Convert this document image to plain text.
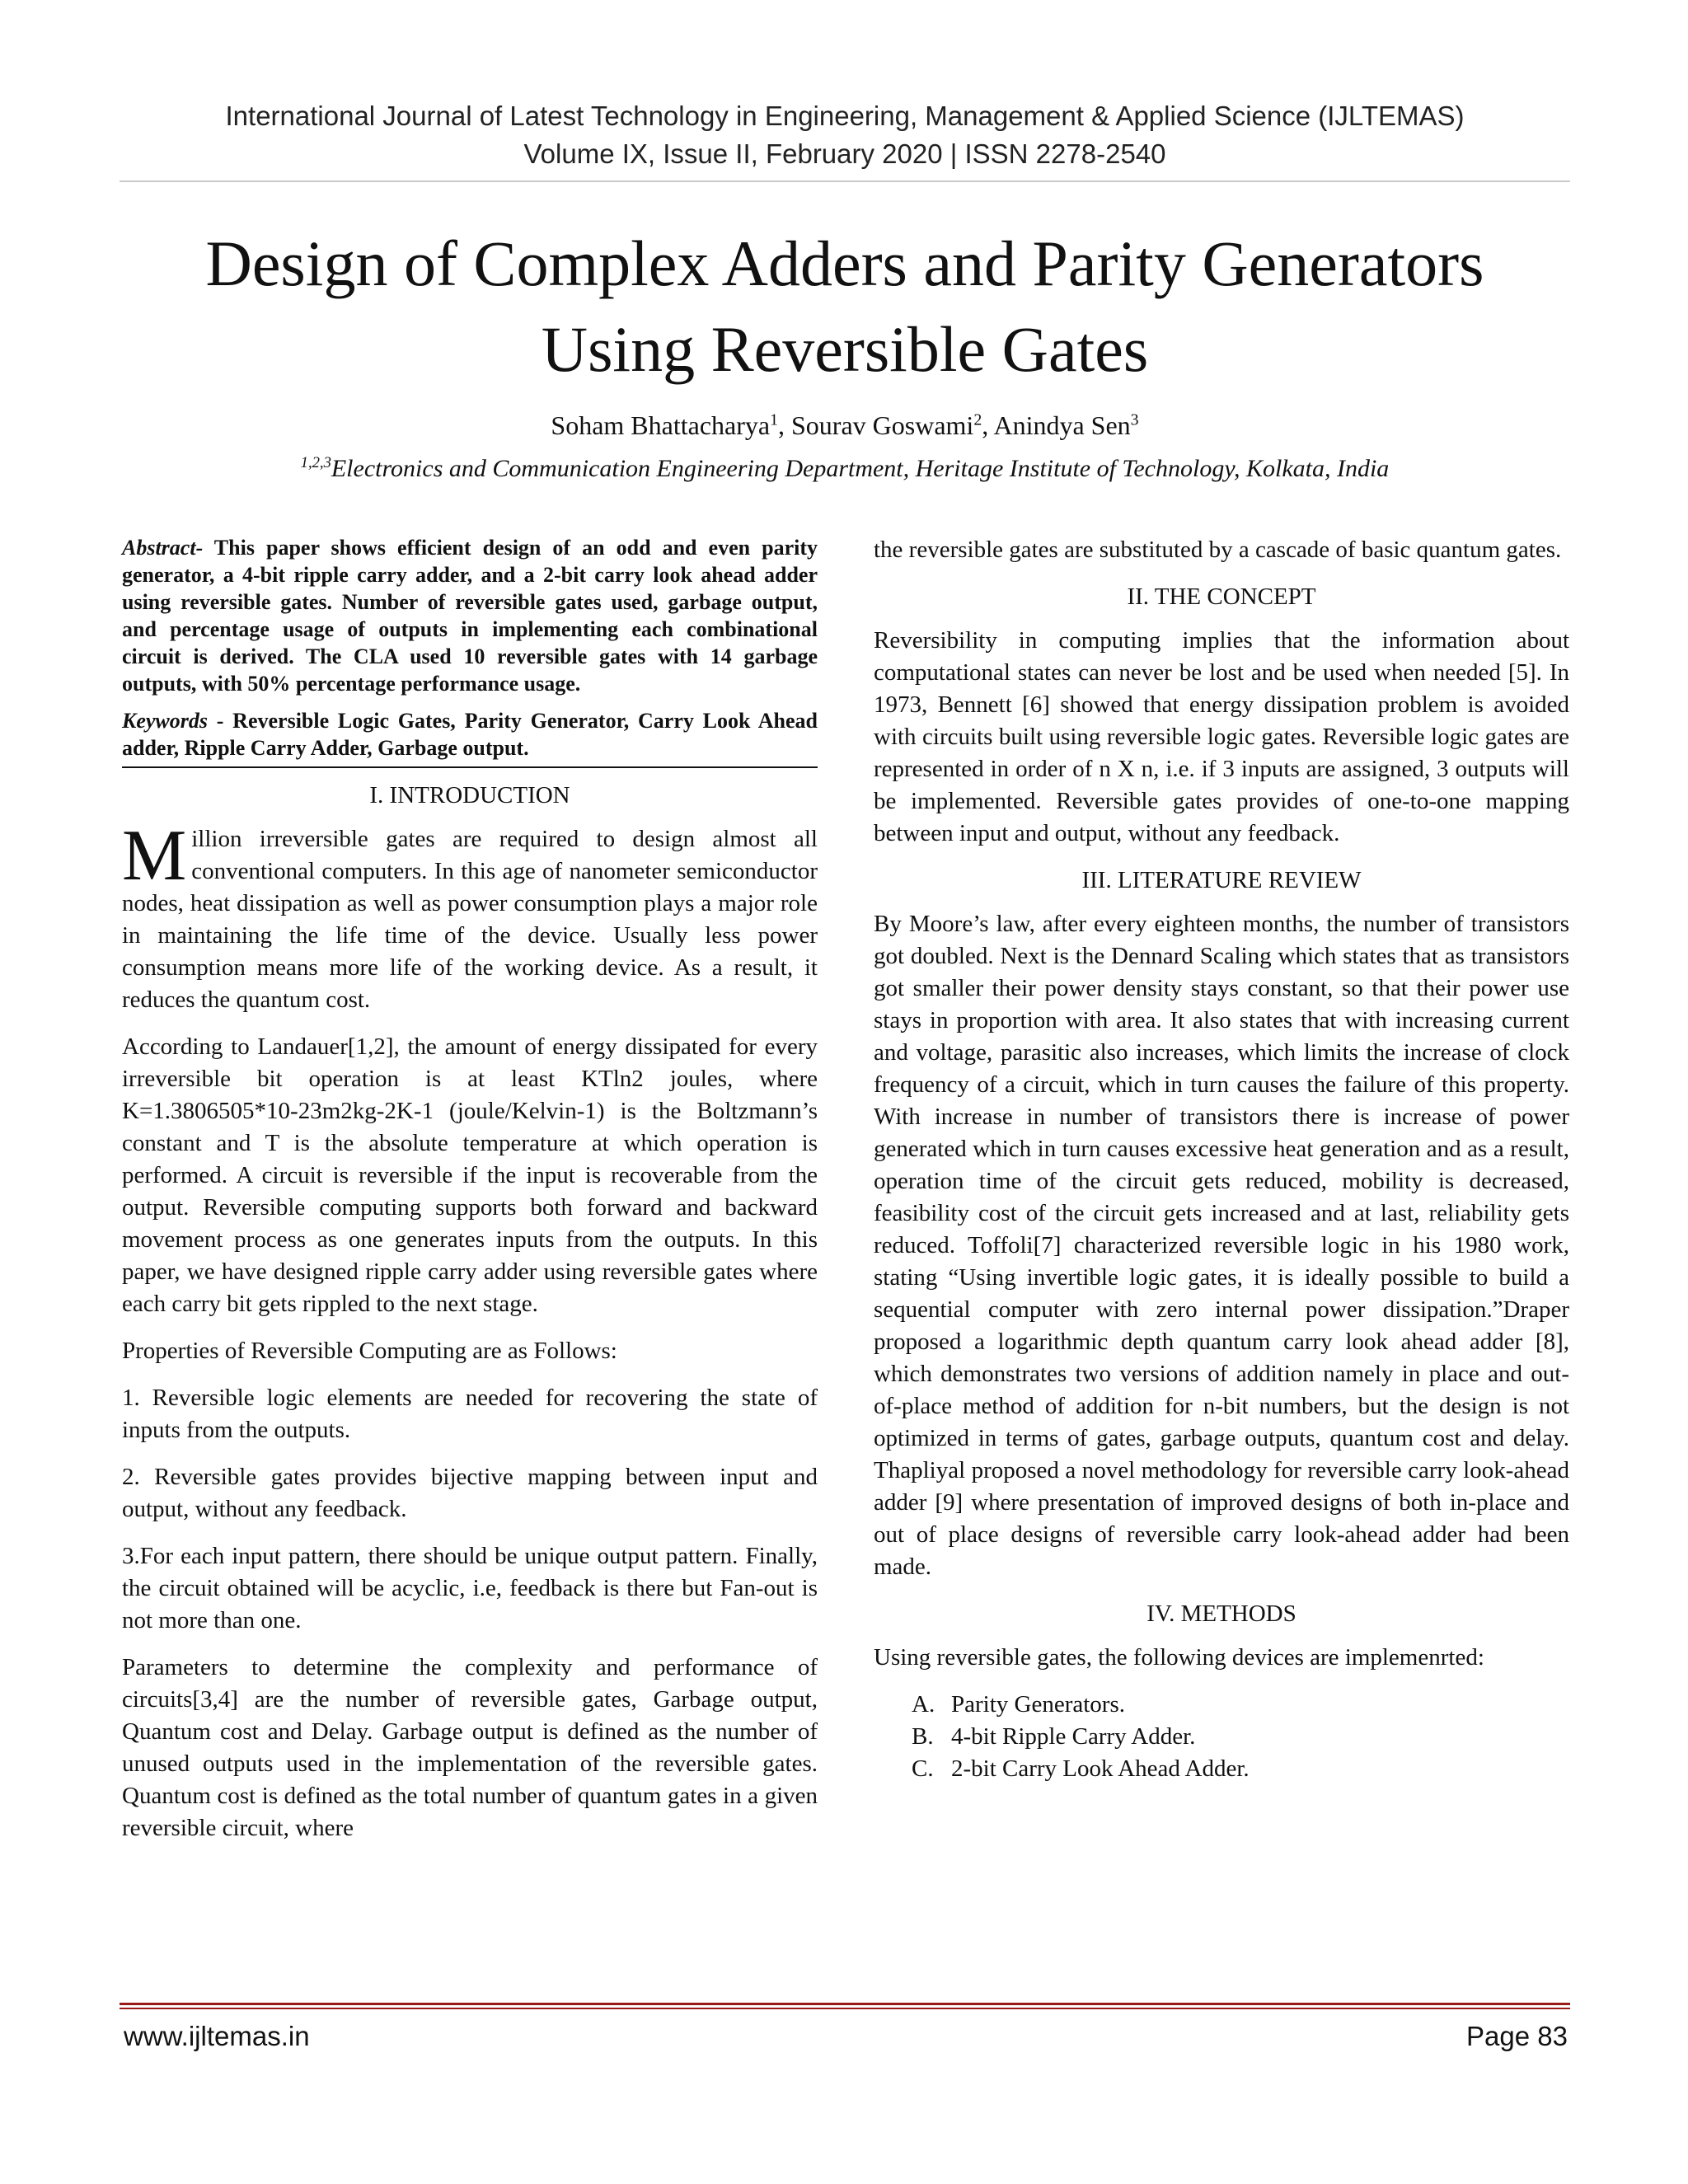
International Journal of Latest Technology in Engineering, Management & Applied Science (IJLTEMAS)
Volume IX, Issue II, February 2020 | ISSN 2278-2540
Design of Complex Adders and Parity Generators
Using Reversible Gates
Soham Bhattacharya$^1$, Sourav Goswami$^2$, Anindya Sen$^3$
$^{1,2,3}$Electronics and Communication Engineering Department, Heritage Institute of Technology, Kolkata, India

Abstract- This paper shows efficient design of an odd and even parity generator, a 4-bit ripple carry adder, and a 2-bit carry look ahead adder using reversible gates. Number of reversible gates used, garbage output, and percentage usage of outputs in implementing each combinational circuit is derived. The CLA used 10 reversible gates with 14 garbage outputs, with 50% percentage performance usage.

Keywords - Reversible Logic Gates, Parity Generator, Carry Look Ahead adder, Ripple Carry Adder, Garbage output.

I. INTRODUCTION

Million irreversible gates are required to design almost all conventional computers. In this age of nanometer semiconductor nodes, heat dissipation as well as power consumption plays a major role in maintaining the life time of the device. Usually less power consumption means more life of the working device. As a result, it reduces the quantum cost.

According to Landauer[1,2], the amount of energy dissipated for every irreversible bit operation is at least KTln2 joules, where K=1.3806505*10-23m2kg-2K-1 (joule/Kelvin-1) is the Boltzmann’s constant and T is the absolute temperature at which operation is performed. A circuit is reversible if the input is recoverable from the output. Reversible computing supports both forward and backward movement process as one generates inputs from the outputs. In this paper, we have designed ripple carry adder using reversible gates where each carry bit gets rippled to the next stage.

Properties of Reversible Computing are as Follows:

1. Reversible logic elements are needed for recovering the state of inputs from the outputs.

2. Reversible gates provides bijective mapping between input and output, without any feedback.

3.For each input pattern, there should be unique output pattern. Finally, the circuit obtained will be acyclic, i.e, feedback is there but Fan-out is not more than one.

Parameters to determine the complexity and performance of circuits[3,4] are the number of reversible gates, Garbage output, Quantum cost and Delay. Garbage output is defined as the number of unused outputs used in the implementation of the reversible gates. Quantum cost is defined as the total number of quantum gates in a given reversible circuit, where

the reversible gates are substituted by a cascade of basic quantum gates.

II. THE CONCEPT

Reversibility in computing implies that the information about computational states can never be lost and be used when needed [5]. In 1973, Bennett [6] showed that energy dissipation problem is avoided with circuits built using reversible logic gates. Reversible logic gates are represented in order of n X n, i.e. if 3 inputs are assigned, 3 outputs will be implemented. Reversible gates provides of one-to-one mapping between input and output, without any feedback.

III. LITERATURE REVIEW

By Moore’s law, after every eighteen months, the number of transistors got doubled. Next is the Dennard Scaling which states that as transistors got smaller their power density stays constant, so that their power use stays in proportion with area. It also states that with increasing current and voltage, parasitic also increases, which limits the increase of clock frequency of a circuit, which in turn causes the failure of this property. With increase in number of transistors there is increase of power generated which in turn causes excessive heat generation and as a result, operation time of the circuit gets reduced, mobility is decreased, feasibility cost of the circuit gets increased and at last, reliability gets reduced. Toffoli[7] characterized reversible logic in his 1980 work, stating “Using invertible logic gates, it is ideally possible to build a sequential computer with zero internal power dissipation.”Draper proposed a logarithmic depth quantum carry look ahead adder [8], which demonstrates two versions of addition namely in place and out-of-place method of addition for n-bit numbers, but the design is not optimized in terms of gates, garbage outputs, quantum cost and delay. Thapliyal proposed a novel methodology for reversible carry look-ahead adder [9] where presentation of improved designs of both in-place and out of place designs of reversible carry look-ahead adder had been made.

IV. METHODS

Using reversible gates, the following devices are implemenrted:

A. Parity Generators.
B. 4-bit Ripple Carry Adder.
C. 2-bit Carry Look Ahead Adder.
www.ijltemas.in	Page 83
